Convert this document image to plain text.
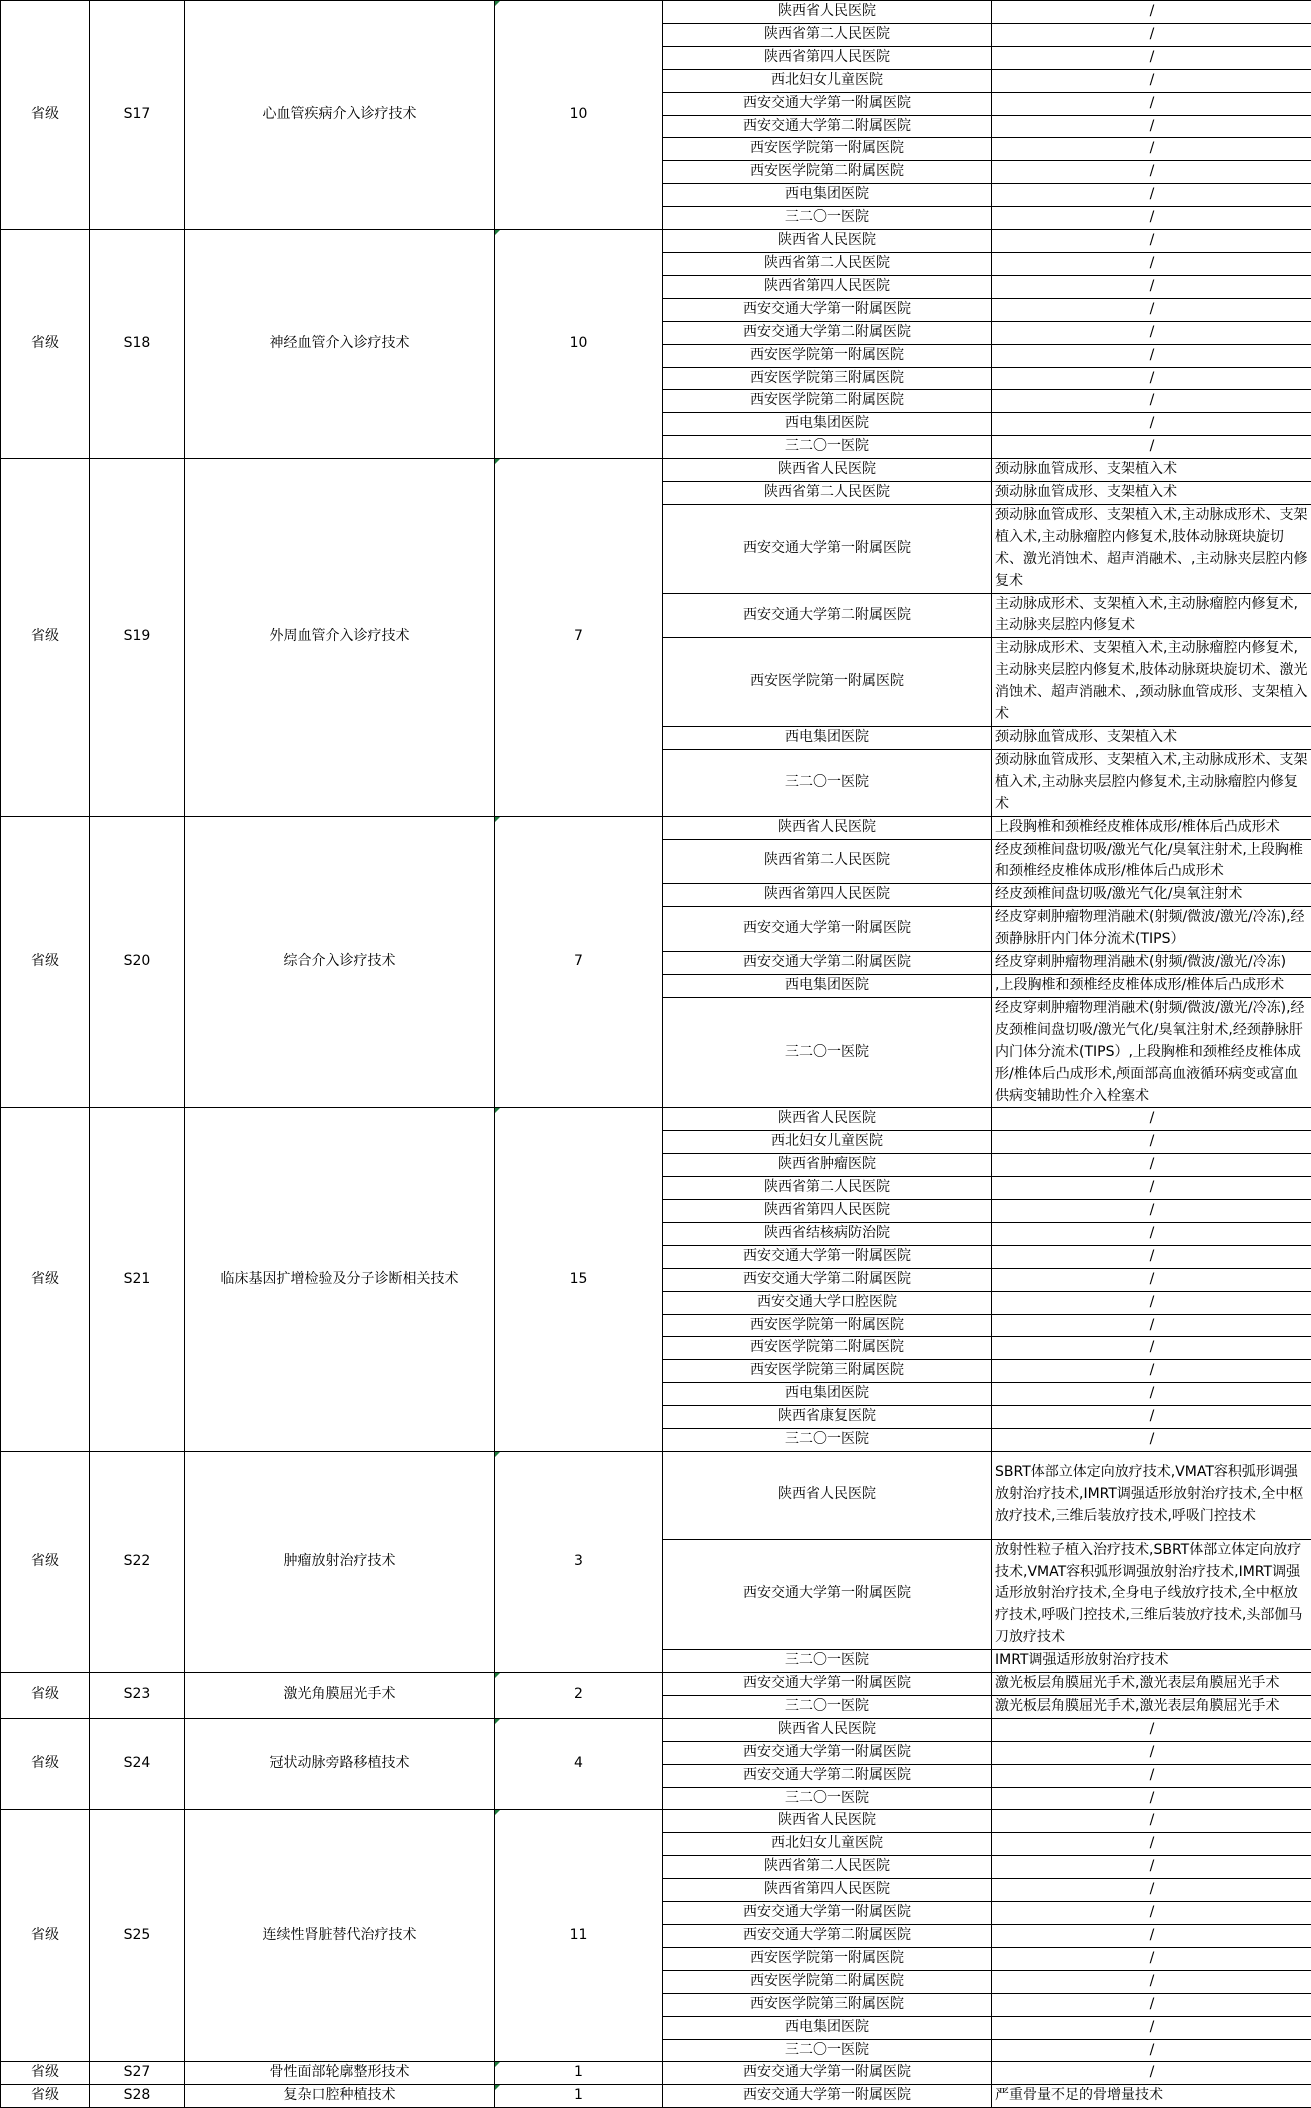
省级	S17	心血管疾病介入诊疗技术	10	陕西省人民医院	/
				陕西省第二人民医院	/
				陕西省第四人民医院	/
				西北妇女儿童医院	/
				西安交通大学第一附属医院	/
				西安交通大学第二附属医院	/
				西安医学院第一附属医院	/
				西安医学院第二附属医院	/
				西电集团医院	/
				三二〇一医院	/
省级	S18	神经血管介入诊疗技术	10	陕西省人民医院	/
				陕西省第二人民医院	/
				陕西省第四人民医院	/
				西安交通大学第一附属医院	/
				西安交通大学第二附属医院	/
				西安医学院第一附属医院	/
				西安医学院第三附属医院	/
				西安医学院第二附属医院	/
				西电集团医院	/
				三二〇一医院	/
省级	S19	外周血管介入诊疗技术	7	陕西省人民医院	颈动脉血管成形、支架植入术
				陕西省第二人民医院	颈动脉血管成形、支架植入术
				西安交通大学第一附属医院	颈动脉血管成形、支架植入术,主动脉成形术、支架植入术,主动脉瘤腔内修复术,肢体动脉斑块旋切术、激光消蚀术、超声消融术、,主动脉夹层腔内修复术
				西安交通大学第二附属医院	主动脉成形术、支架植入术,主动脉瘤腔内修复术,主动脉夹层腔内修复术
				西安医学院第一附属医院	主动脉成形术、支架植入术,主动脉瘤腔内修复术,主动脉夹层腔内修复术,肢体动脉斑块旋切术、激光消蚀术、超声消融术、,颈动脉血管成形、支架植入术
				西电集团医院	颈动脉血管成形、支架植入术
				三二〇一医院	颈动脉血管成形、支架植入术,主动脉成形术、支架植入术,主动脉夹层腔内修复术,主动脉瘤腔内修复术
省级	S20	综合介入诊疗技术	7	陕西省人民医院	上段胸椎和颈椎经皮椎体成形/椎体后凸成形术
				陕西省第二人民医院	经皮颈椎间盘切吸/激光气化/臭氧注射术,上段胸椎和颈椎经皮椎体成形/椎体后凸成形术
				陕西省第四人民医院	经皮颈椎间盘切吸/激光气化/臭氧注射术
				西安交通大学第一附属医院	经皮穿刺肿瘤物理消融术(射频/微波/激光/冷冻),经颈静脉肝内门体分流术(TIPS）
				西安交通大学第二附属医院	经皮穿刺肿瘤物理消融术(射频/微波/激光/冷冻)
				西电集团医院	,上段胸椎和颈椎经皮椎体成形/椎体后凸成形术
				三二〇一医院	经皮穿刺肿瘤物理消融术(射频/微波/激光/冷冻),经皮颈椎间盘切吸/激光气化/臭氧注射术,经颈静脉肝内门体分流术(TIPS）,上段胸椎和颈椎经皮椎体成形/椎体后凸成形术,颅面部高血液循环病变或富血供病变辅助性介入栓塞术
省级	S21	临床基因扩增检验及分子诊断相关技术	15	陕西省人民医院	/
				西北妇女儿童医院	/
				陕西省肿瘤医院	/
				陕西省第二人民医院	/
				陕西省第四人民医院	/
				陕西省结核病防治院	/
				西安交通大学第一附属医院	/
				西安交通大学第二附属医院	/
				西安交通大学口腔医院	/
				西安医学院第一附属医院	/
				西安医学院第二附属医院	/
				西安医学院第三附属医院	/
				西电集团医院	/
				陕西省康复医院	/
				三二〇一医院	/
省级	S22	肿瘤放射治疗技术	3	陕西省人民医院	SBRT体部立体定向放疗技术,VMAT容积弧形调强放射治疗技术,IMRT调强适形放射治疗技术,全中枢放疗技术,三维后装放疗技术,呼吸门控技术
				西安交通大学第一附属医院	放射性粒子植入治疗技术,SBRT体部立体定向放疗技术,VMAT容积弧形调强放射治疗技术,IMRT调强适形放射治疗技术,全身电子线放疗技术,全中枢放疗技术,呼吸门控技术,三维后装放疗技术,头部伽马刀放疗技术
				三二〇一医院	IMRT调强适形放射治疗技术
省级	S23	激光角膜屈光手术	2	西安交通大学第一附属医院	激光板层角膜屈光手术,激光表层角膜屈光手术
				三二〇一医院	激光板层角膜屈光手术,激光表层角膜屈光手术
省级	S24	冠状动脉旁路移植技术	4	陕西省人民医院	/
				西安交通大学第一附属医院	/
				西安交通大学第二附属医院	/
				三二〇一医院	/
省级	S25	连续性肾脏替代治疗技术	11	陕西省人民医院	/
				西北妇女儿童医院	/
				陕西省第二人民医院	/
				陕西省第四人民医院	/
				西安交通大学第一附属医院	/
				西安交通大学第二附属医院	/
				西安医学院第一附属医院	/
				西安医学院第二附属医院	/
				西安医学院第三附属医院	/
				西电集团医院	/
				三二〇一医院	/
省级	S27	骨性面部轮廓整形技术	1	西安交通大学第一附属医院	/
省级	S28	复杂口腔种植技术	1	西安交通大学第一附属医院	严重骨量不足的骨增量技术
